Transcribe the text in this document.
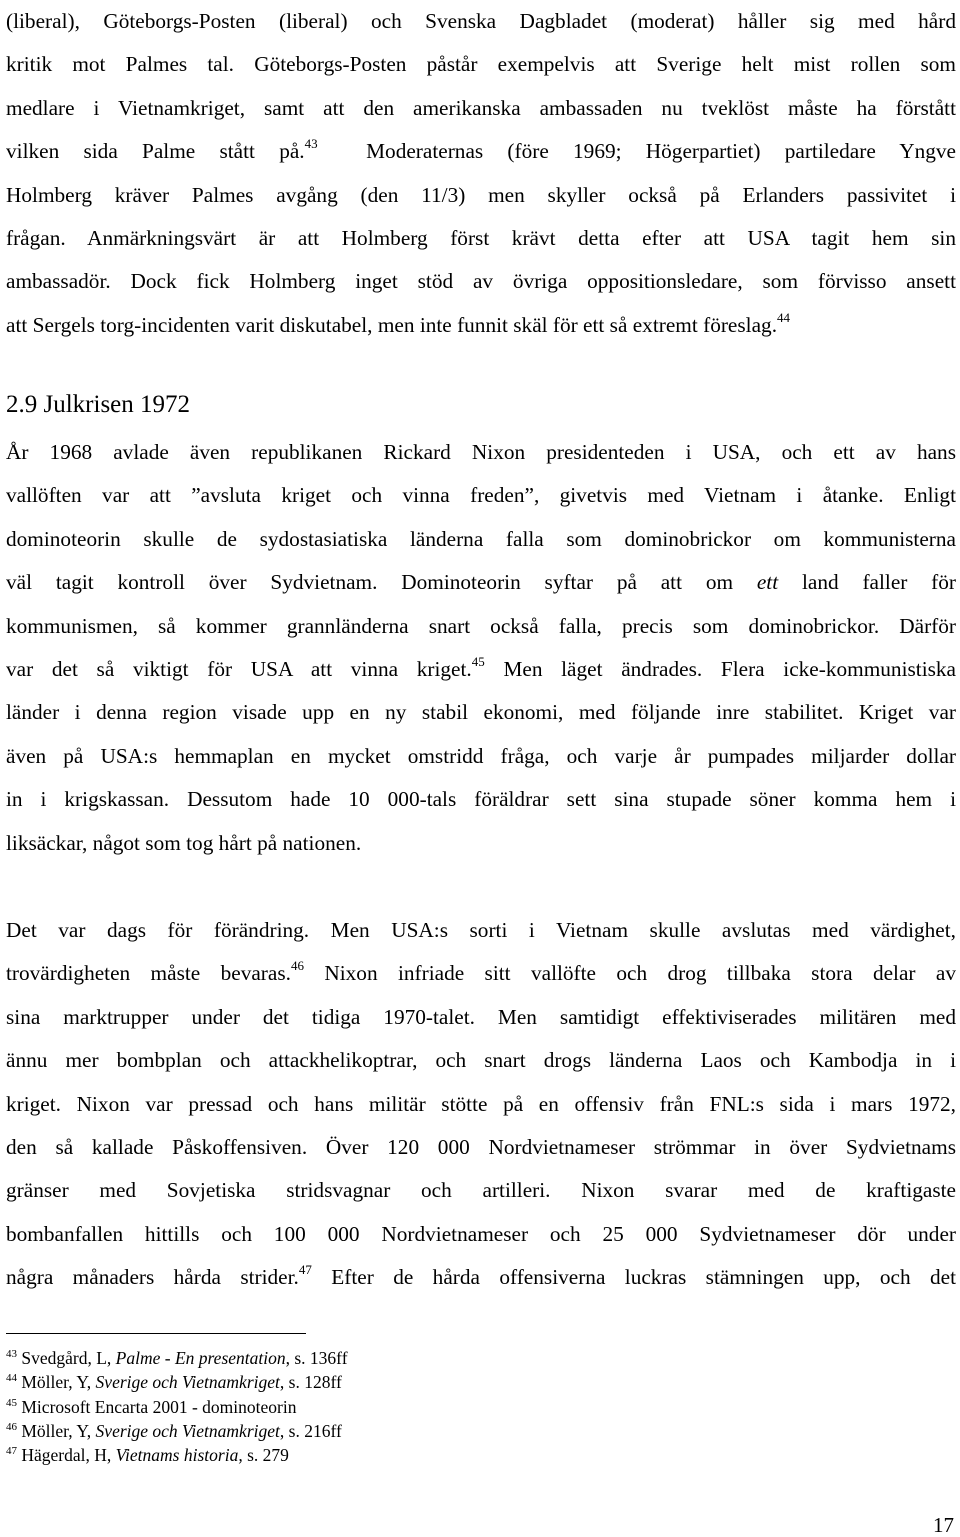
(liberal), Göteborgs-Posten (liberal) och Svenska Dagbladet (moderat) håller sig med hård
kritik mot Palmes tal. Göteborgs-Posten påstår exempelvis att Sverige helt mist rollen som
medlare i Vietnamkriget, samt att den amerikanska ambassaden nu tveklöst måste ha förstått
vilken sida Palme stått på.$^{43}$ Moderaternas (före 1969; Högerpartiet) partiledare Yngve
Holmberg kräver Palmes avgång (den 11/3) men skyller också på Erlanders passivitet i
frågan. Anmärkningsvärt är att Holmberg först krävt detta efter att USA tagit hem sin
ambassadör. Dock fick Holmberg inget stöd av övriga oppositionsledare, som förvisso ansett
att Sergels torg-incidenten varit diskutabel, men inte funnit skäl för ett så extremt föreslag.$^{44}$
2.9 Julkrisen 1972
År 1968 avlade även republikanen Rickard Nixon presidenteden i USA, och ett av hans
vallöften var att ”avsluta kriget och vinna freden”, givetvis med Vietnam i åtanke. Enligt
dominoteorin skulle de sydostasiatiska länderna falla som dominobrickor om kommunisterna
väl tagit kontroll över Sydvietnam. Dominoteorin syftar på att om ett land faller för
kommunismen, så kommer grannländerna snart också falla, precis som dominobrickor. Därför
var det så viktigt för USA att vinna kriget.$^{45}$ Men läget ändrades. Flera icke-kommunistiska
länder i denna region visade upp en ny stabil ekonomi, med följande inre stabilitet. Kriget var
även på USA:s hemmaplan en mycket omstridd fråga, och varje år pumpades miljarder dollar
in i krigskassan. Dessutom hade 10 000-tals föräldrar sett sina stupade söner komma hem i
liksäckar, något som tog hårt på nationen.
Det var dags för förändring. Men USA:s sorti i Vietnam skulle avslutas med värdighet,
trovärdigheten måste bevaras.$^{46}$ Nixon infriade sitt vallöfte och drog tillbaka stora delar av
sina marktrupper under det tidiga 1970-talet. Men samtidigt effektiviserades militären med
ännu mer bombplan och attackhelikoptrar, och snart drogs länderna Laos och Kambodja in i
kriget. Nixon var pressad och hans militär stötte på en offensiv från FNL:s sida i mars 1972,
den så kallade Påskoffensiven. Över 120 000 Nordvietnameser strömmar in över Sydvietnams
gränser med Sovjetiska stridsvagnar och artilleri. Nixon svarar med de kraftigaste
bombanfallen hittills och 100 000 Nordvietnameser och 25 000 Sydvietnameser dör under
några månaders hårda strider.$^{47}$ Efter de hårda offensiverna luckras stämningen upp, och det
$^{43}$ Svedgård, L, Palme - En presentation, s. 136ff
$^{44}$ Möller, Y, Sverige och Vietnamkriget, s. 128ff
$^{45}$ Microsoft Encarta 2001 - dominoteorin
$^{46}$ Möller, Y, Sverige och Vietnamkriget, s. 216ff
$^{47}$ Hägerdal, H, Vietnams historia, s. 279
17
